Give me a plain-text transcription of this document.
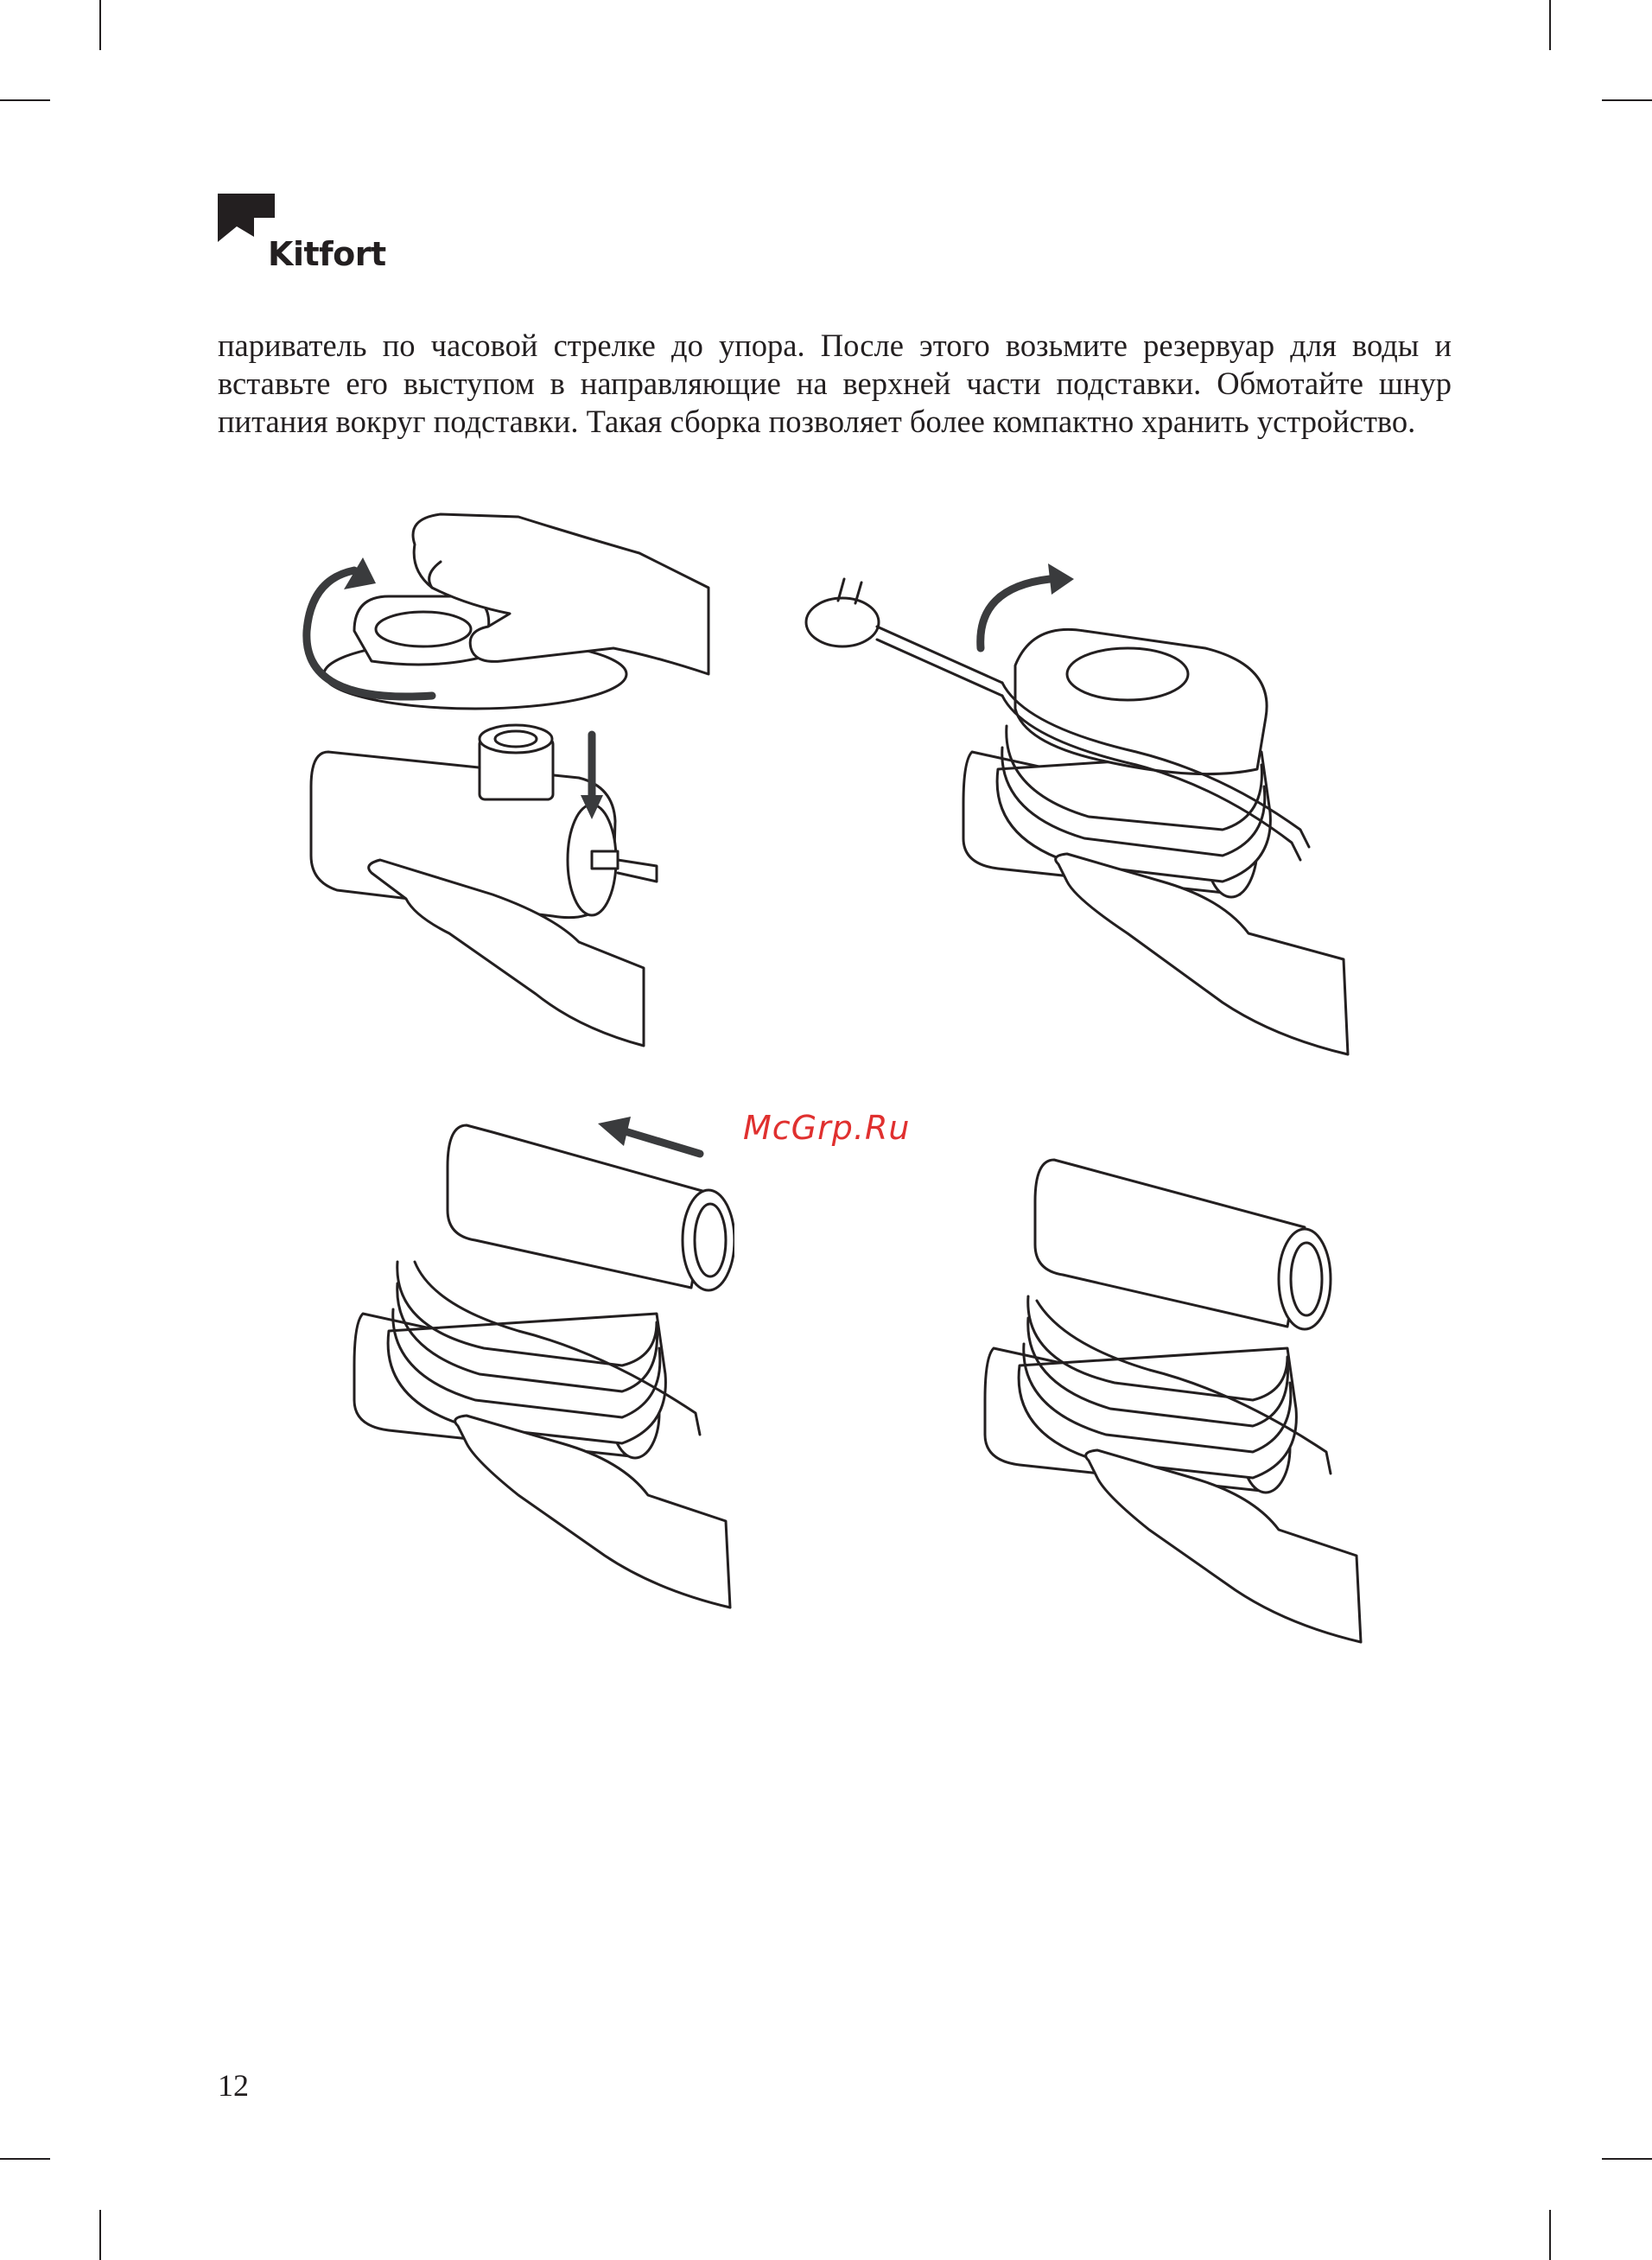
Kitfort

париватель по часовой стрелке до упора. После этого возьмите резервуар для воды и вставьте его выступом в направляющие на верхней части подставки. Обмотайте шнур питания вокруг подставки. Такая сборка позволяет более компактно хранить устройство.

McGrp.Ru
12
